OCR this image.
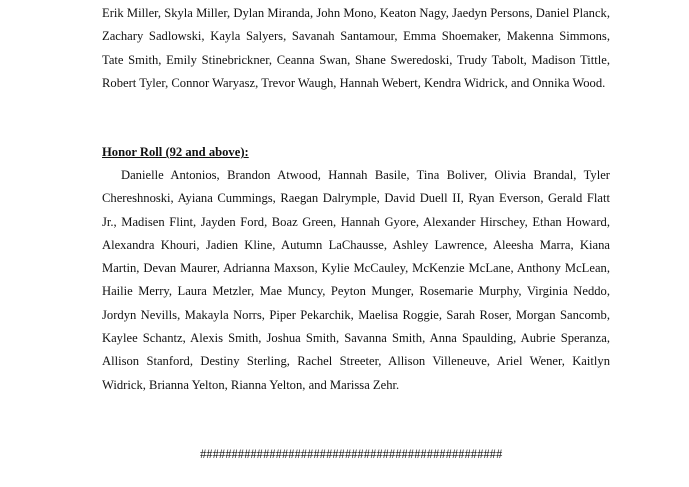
Erik Miller, Skyla Miller, Dylan Miranda, John Mono, Keaton Nagy, Jaedyn Persons, Daniel Planck, Zachary Sadlowski, Kayla Salyers, Savanah Santamour, Emma Shoemaker, Makenna Simmons, Tate Smith, Emily Stinebrickner, Ceanna Swan, Shane Sweredoski, Trudy Tabolt, Madison Tittle, Robert Tyler, Connor Waryasz, Trevor Waugh, Hannah Webert, Kendra Widrick, and Onnika Wood.

Honor Roll (92 and above):

Danielle Antonios, Brandon Atwood, Hannah Basile, Tina Boliver, Olivia Brandal, Tyler Chereshnoski, Ayiana Cummings, Raegan Dalrymple, David Duell II, Ryan Everson, Gerald Flatt Jr., Madisen Flint, Jayden Ford, Boaz Green, Hannah Gyore, Alexander Hirschey, Ethan Howard, Alexandra Khouri, Jadien Kline, Autumn LaChausse, Ashley Lawrence, Aleesha Marra, Kiana Martin, Devan Maurer, Adrianna Maxson, Kylie McCauley, McKenzie McLane, Anthony McLean, Hailie Merry, Laura Metzler, Mae Muncy, Peyton Munger, Rosemarie Murphy, Virginia Neddo, Jordyn Nevills, Makayla Norrs, Piper Pekarchik, Maelisa Roggie, Sarah Roser, Morgan Sancomb, Kaylee Schantz, Alexis Smith, Joshua Smith, Savanna Smith, Anna Spaulding, Aubrie Speranza, Allison Stanford, Destiny Sterling, Rachel Streeter, Allison Villeneuve, Ariel Wener, Kaitlyn Widrick, Brianna Yelton, Rianna Yelton, and Marissa Zehr.

################################################
